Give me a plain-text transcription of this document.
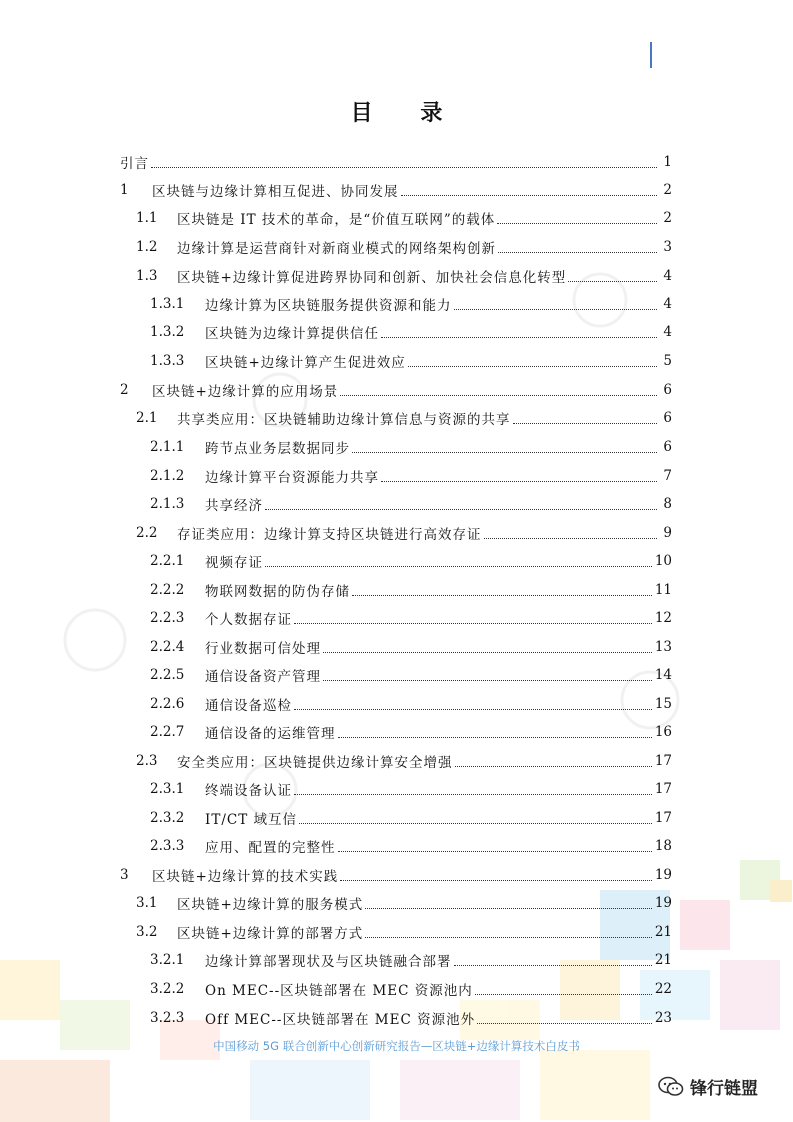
目 录
引言	1
1	区块链与边缘计算相互促进、协同发展	2
1.1	区块链是 IT 技术的革命，是“价值互联网”的载体	2
1.2	边缘计算是运营商针对新商业模式的网络架构创新	3
1.3	区块链+边缘计算促进跨界协同和创新、加快社会信息化转型	4
1.3.1	边缘计算为区块链服务提供资源和能力	4
1.3.2	区块链为边缘计算提供信任	4
1.3.3	区块链+边缘计算产生促进效应	5
2	区块链+边缘计算的应用场景	6
2.1	共享类应用：区块链辅助边缘计算信息与资源的共享	6
2.1.1	跨节点业务层数据同步	6
2.1.2	边缘计算平台资源能力共享	7
2.1.3	共享经济	8
2.2	存证类应用：边缘计算支持区块链进行高效存证	9
2.2.1	视频存证	10
2.2.2	物联网数据的防伪存储	11
2.2.3	个人数据存证	12
2.2.4	行业数据可信处理	13
2.2.5	通信设备资产管理	14
2.2.6	通信设备巡检	15
2.2.7	通信设备的运维管理	16
2.3	安全类应用：区块链提供边缘计算安全增强	17
2.3.1	终端设备认证	17
2.3.2	IT/CT 域互信	17
2.3.3	应用、配置的完整性	18
3	区块链+边缘计算的技术实践	19
3.1	区块链+边缘计算的服务模式	19
3.2	区块链+边缘计算的部署方式	21
3.2.1	边缘计算部署现状及与区块链融合部署	21
3.2.2	On MEC--区块链部署在 MEC 资源池内	22
3.2.3	Off MEC--区块链部署在 MEC 资源池外	23
中国移动 5G 联合创新中心创新研究报告—区块链+边缘计算技术白皮书
锋行链盟
